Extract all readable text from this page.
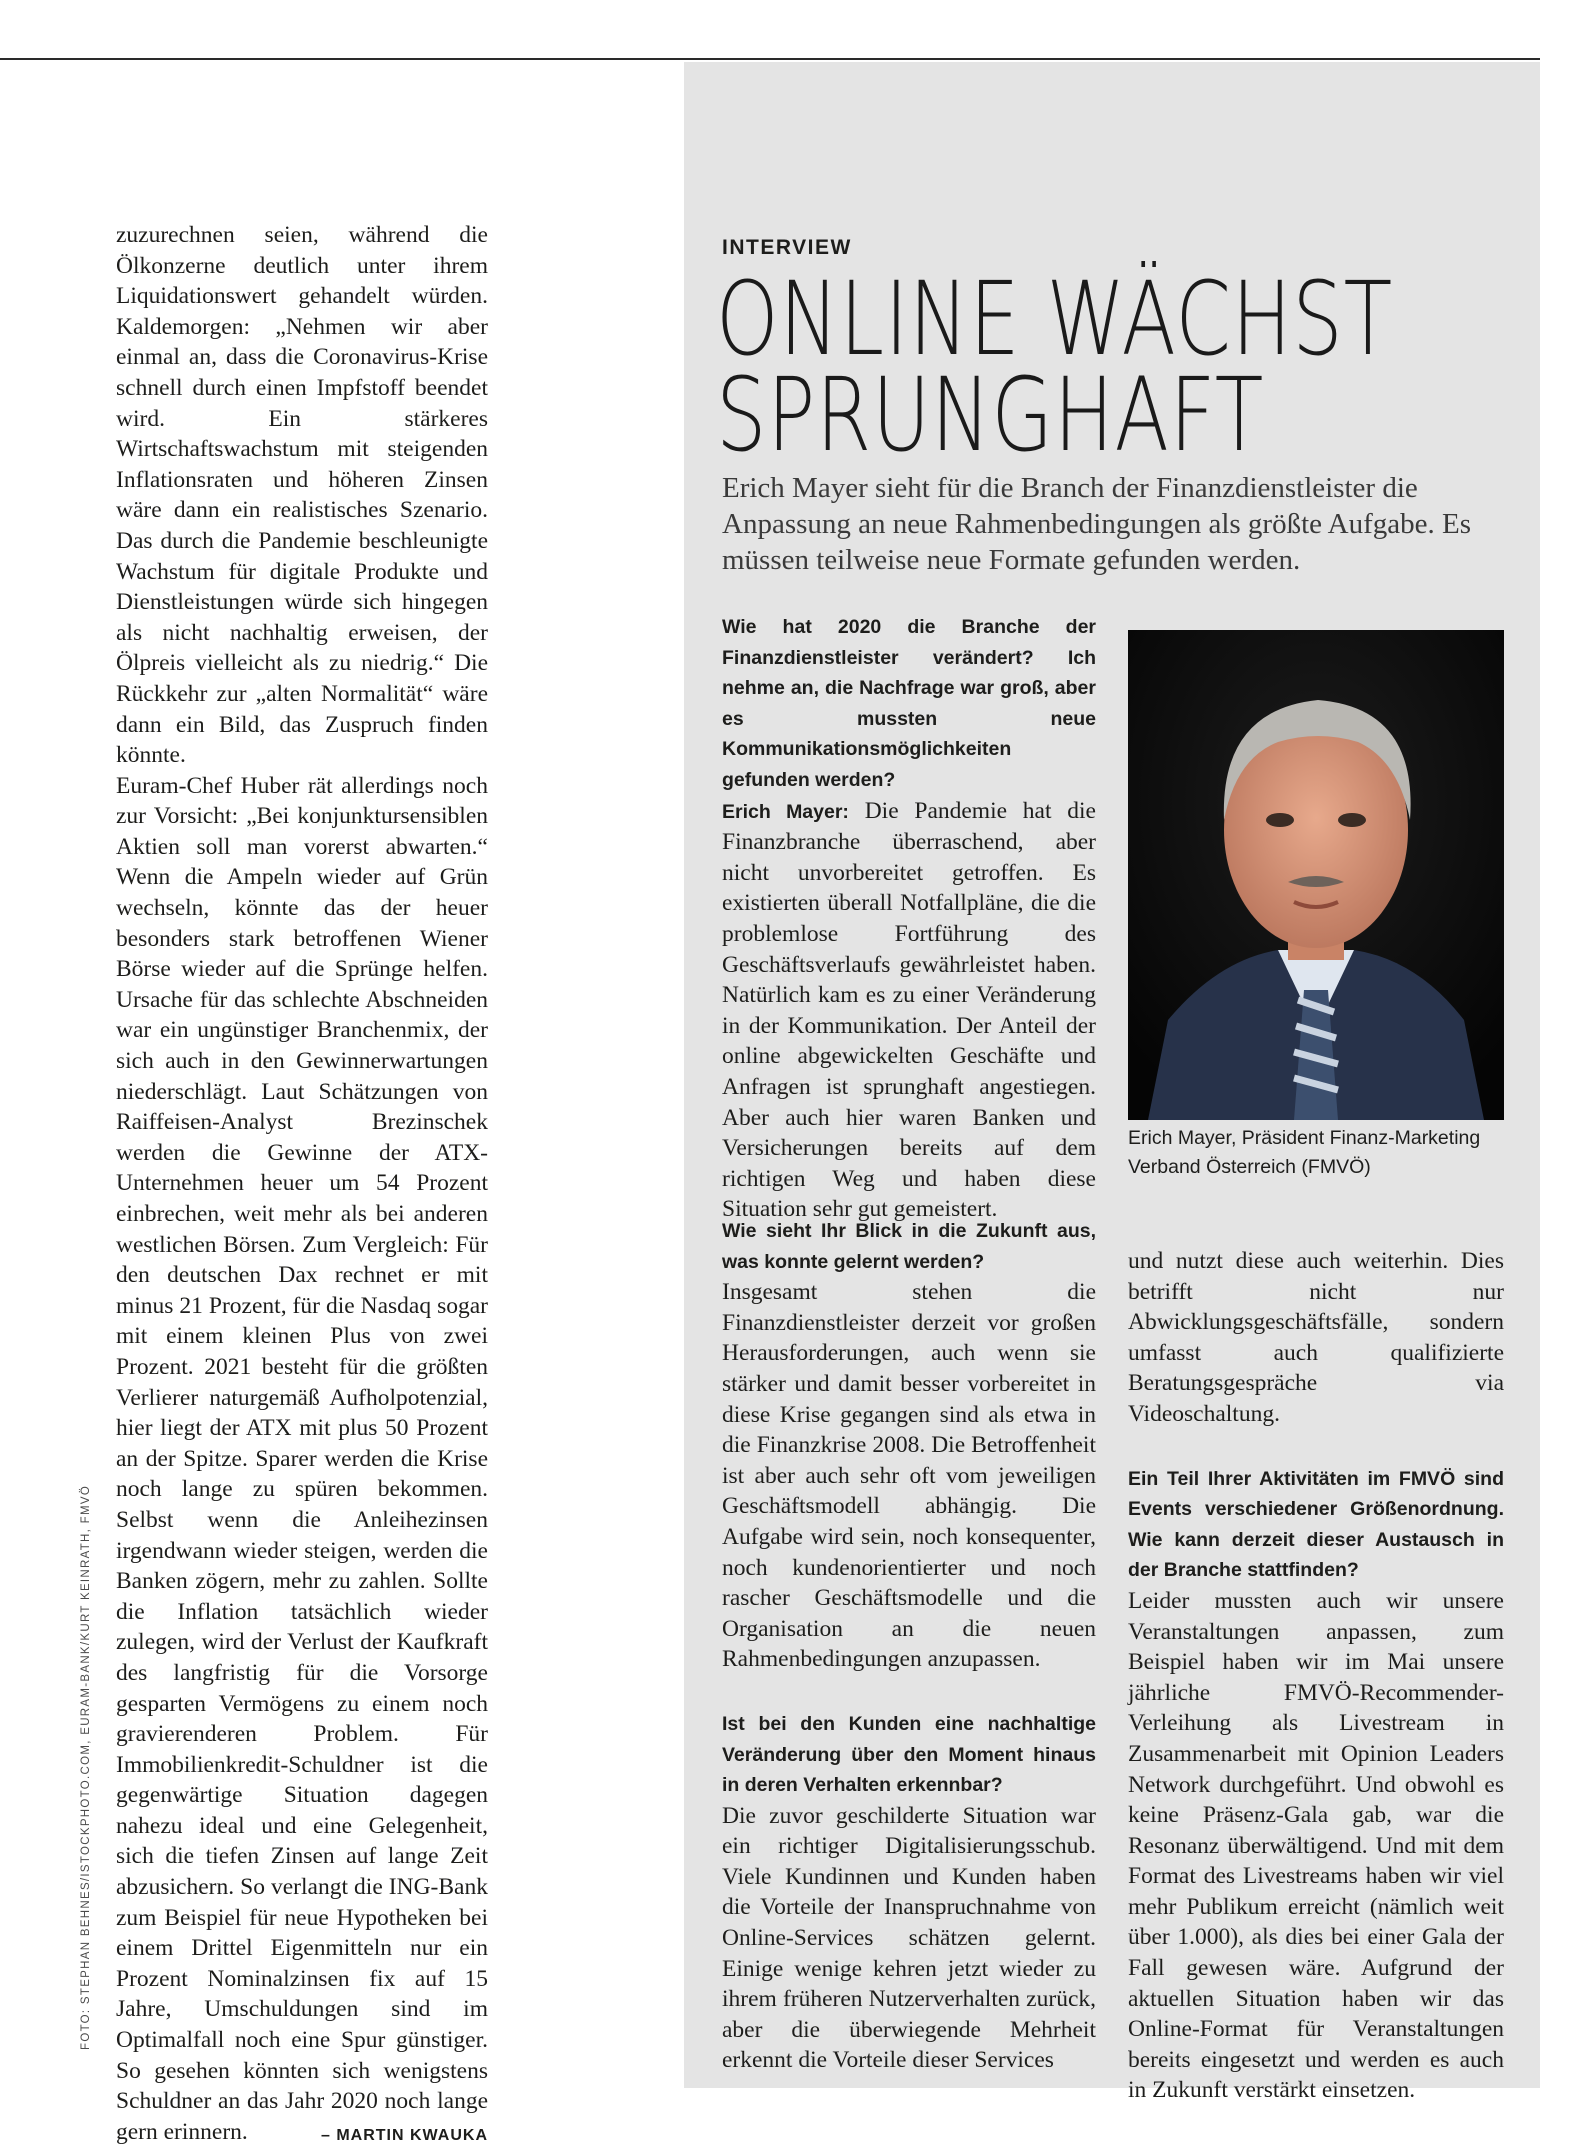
zuzurechnen seien, während die Ölkonzerne deutlich unter ihrem Liquidationswert gehandelt würden. Kaldemorgen: „Nehmen wir aber einmal an, dass die Coronavirus-Krise schnell durch einen Impfstoff beendet wird. Ein stärkeres Wirtschaftswachstum mit steigenden Inflationsraten und höheren Zinsen wäre dann ein realistisches Szenario. Das durch die Pandemie beschleunigte Wachstum für digitale Produkte und Dienstleistungen würde sich hingegen als nicht nachhaltig erweisen, der Ölpreis vielleicht als zu niedrig.“ Die Rückkehr zur „alten Normalität“ wäre dann ein Bild, das Zuspruch finden könnte.

Euram-Chef Huber rät allerdings noch zur Vorsicht: „Bei konjunktursensiblen Aktien soll man vorerst abwarten.“ Wenn die Ampeln wieder auf Grün wechseln, könnte das der heuer besonders stark betroffenen Wiener Börse wieder auf die Sprünge helfen. Ursache für das schlechte Abschneiden war ein ungünstiger Branchenmix, der sich auch in den Gewinnerwartungen niederschlägt. Laut Schätzungen von Raiffeisen-Analyst Brezinschek werden die Gewinne der ATX-Unternehmen heuer um 54 Prozent einbrechen, weit mehr als bei anderen westlichen Börsen. Zum Vergleich: Für den deutschen Dax rechnet er mit minus 21 Prozent, für die Nasdaq sogar mit einem kleinen Plus von zwei Prozent. 2021 besteht für die größten Verlierer naturgemäß Aufholpotenzial, hier liegt der ATX mit plus 50 Prozent an der Spitze. Sparer werden die Krise noch lange zu spüren bekommen. Selbst wenn die Anleihezinsen irgendwann wieder steigen, werden die Banken zögern, mehr zu zahlen. Sollte die Inflation tatsächlich wieder zulegen, wird der Verlust der Kaufkraft des langfristig für die Vorsorge gesparten Vermögens zu einem noch gravierenderen Problem. Für Immobilienkredit-Schuldner ist die gegenwärtige Situation dagegen nahezu ideal und eine Gelegenheit, sich die tiefen Zinsen auf lange Zeit abzusichern. So verlangt die ING-Bank zum Beispiel für neue Hypotheken bei einem Drittel Eigenmitteln nur ein Prozent Nominalzinsen fix auf 15 Jahre, Umschuldungen sind im Optimalfall noch eine Spur günstiger. So gesehen könnten sich wenigstens Schuldner an das Jahr 2020 noch lange gern erinnern.	– MARTIN KWAUKA

FOTO: STEPHAN BEHNES/ISTOCKPHOTO.COM, EURAM-BANK/KURT KEINRATH, FMVÖ
INTERVIEW
ONLINE WÄCHST
SPRUNGHAFT

Erich Mayer sieht für die Branch der Finanzdienstleister die Anpassung an neue Rahmenbedingungen als größte Aufgabe. Es müssen teilweise neue Formate gefunden werden.

Wie hat 2020 die Branche der Finanzdienstleister verändert? Ich nehme an, die Nachfrage war groß, aber es mussten neue Kommunikationsmöglichkeiten gefunden werden?

Erich Mayer: Die Pandemie hat die Finanzbranche überraschend, aber nicht unvorbereitet getroffen. Es existierten überall Notfallpläne, die die problemlose Fortführung des Geschäftsverlaufs gewährleistet haben. Natürlich kam es zu einer Veränderung in der Kommunikation. Der Anteil der online abgewickelten Geschäfte und Anfragen ist sprunghaft angestiegen. Aber auch hier waren Banken und Versicherungen bereits auf dem richtigen Weg und haben diese Situation sehr gut gemeistert.

Erich Mayer, Präsident Finanz-Marketing Verband Österreich (FMVÖ)
Wie sieht Ihr Blick in die Zukunft aus, was konnte gelernt werden?

Insgesamt stehen die Finanzdienstleister derzeit vor großen Herausforderungen, auch wenn sie stärker und damit besser vorbereitet in diese Krise gegangen sind als etwa in die Finanzkrise 2008. Die Betroffenheit ist aber auch sehr oft vom jeweiligen Geschäftsmodell abhängig. Die Aufgabe wird sein, noch konsequenter, noch kundenorientierter und noch rascher Geschäftsmodelle und die Organisation an die neuen Rahmenbedingungen anzupassen.

Ist bei den Kunden eine nachhaltige Veränderung über den Moment hinaus in deren Verhalten erkennbar?

Die zuvor geschilderte Situation war ein richtiger Digitalisierungsschub. Viele Kundinnen und Kunden haben die Vorteile der Inanspruchnahme von Online-Services schätzen gelernt. Einige wenige kehren jetzt wieder zu ihrem früheren Nutzerverhalten zurück, aber die überwiegende Mehrheit erkennt die Vorteile dieser Services

und nutzt diese auch weiterhin. Dies betrifft nicht nur Abwicklungsgeschäftsfälle, sondern umfasst auch qualifizierte Beratungsgespräche via Videoschaltung.

Ein Teil Ihrer Aktivitäten im FMVÖ sind Events verschiedener Größenordnung. Wie kann derzeit dieser Austausch in der Branche stattfinden?

Leider mussten auch wir unsere Veranstaltungen anpassen, zum Beispiel haben wir im Mai unsere jährliche FMVÖ-Recommender-Verleihung als Livestream in Zusammenarbeit mit Opinion Leaders Network durchgeführt. Und obwohl es keine Präsenz-Gala gab, war die Resonanz überwältigend. Und mit dem Format des Livestreams haben wir viel mehr Publikum erreicht (nämlich weit über 1.000), als dies bei einer Gala der Fall gewesen wäre. Aufgrund der aktuellen Situation haben wir das Online-Format für Veranstaltungen bereits eingesetzt und werden es auch in Zukunft verstärkt einsetzen.
